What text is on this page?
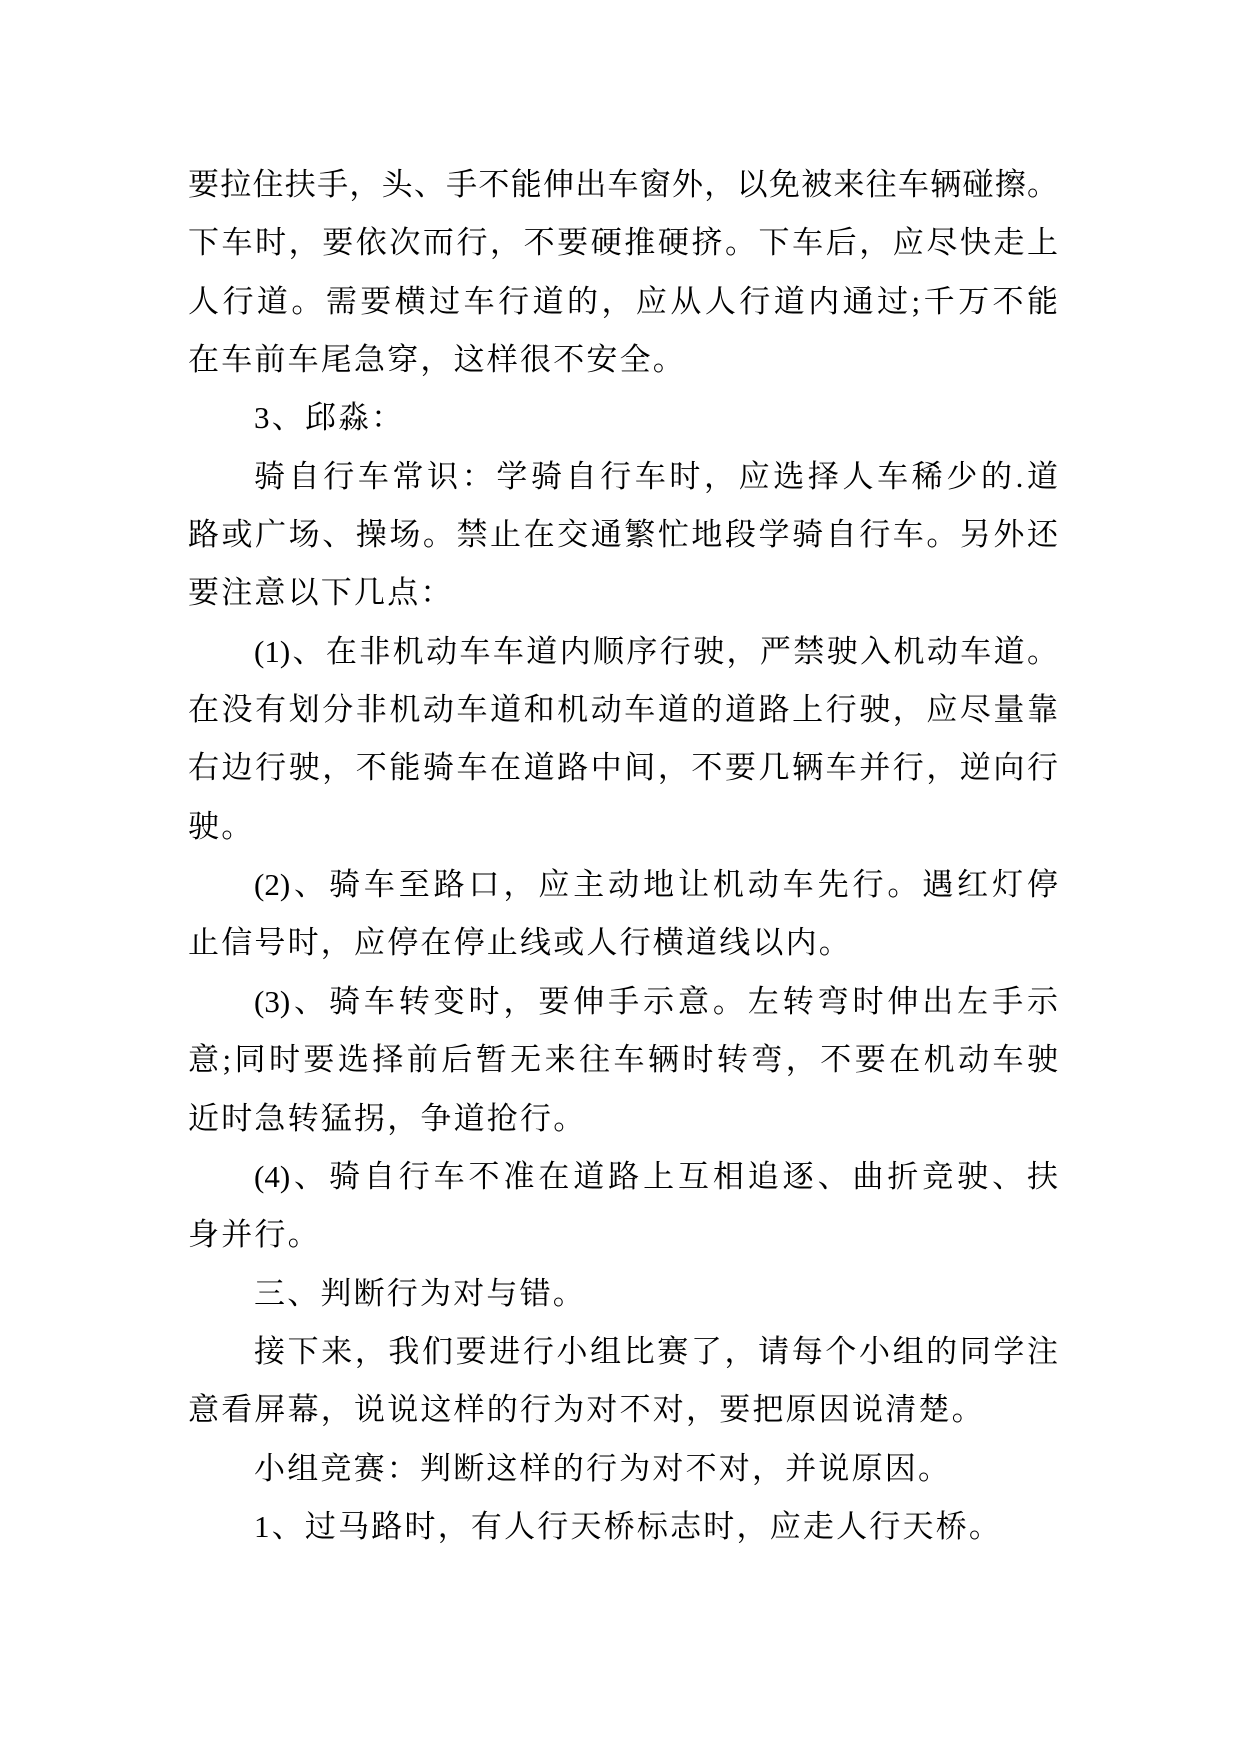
要拉住扶手，头、手不能伸出车窗外，以免被来往车辆碰擦。
下车时，要依次而行，不要硬推硬挤。下车后，应尽快走上
人行道。需要横过车行道的，应从人行道内通过;千万不能
在车前车尾急穿，这样很不安全。
3、邱淼：
骑自行车常识：学骑自行车时，应选择人车稀少的.道
路或广场、操场。禁止在交通繁忙地段学骑自行车。另外还
要注意以下几点：
(1)、在非机动车车道内顺序行驶，严禁驶入机动车道。
在没有划分非机动车道和机动车道的道路上行驶，应尽量靠
右边行驶，不能骑车在道路中间，不要几辆车并行，逆向行
驶。
(2)、骑车至路口，应主动地让机动车先行。遇红灯停
止信号时，应停在停止线或人行横道线以内。
(3)、骑车转变时，要伸手示意。左转弯时伸出左手示
意;同时要选择前后暂无来往车辆时转弯，不要在机动车驶
近时急转猛拐，争道抢行。
(4)、骑自行车不准在道路上互相追逐、曲折竞驶、扶
身并行。
三、判断行为对与错。
接下来，我们要进行小组比赛了，请每个小组的同学注
意看屏幕，说说这样的行为对不对，要把原因说清楚。
小组竞赛：判断这样的行为对不对，并说原因。
1、过马路时，有人行天桥标志时，应走人行天桥。
